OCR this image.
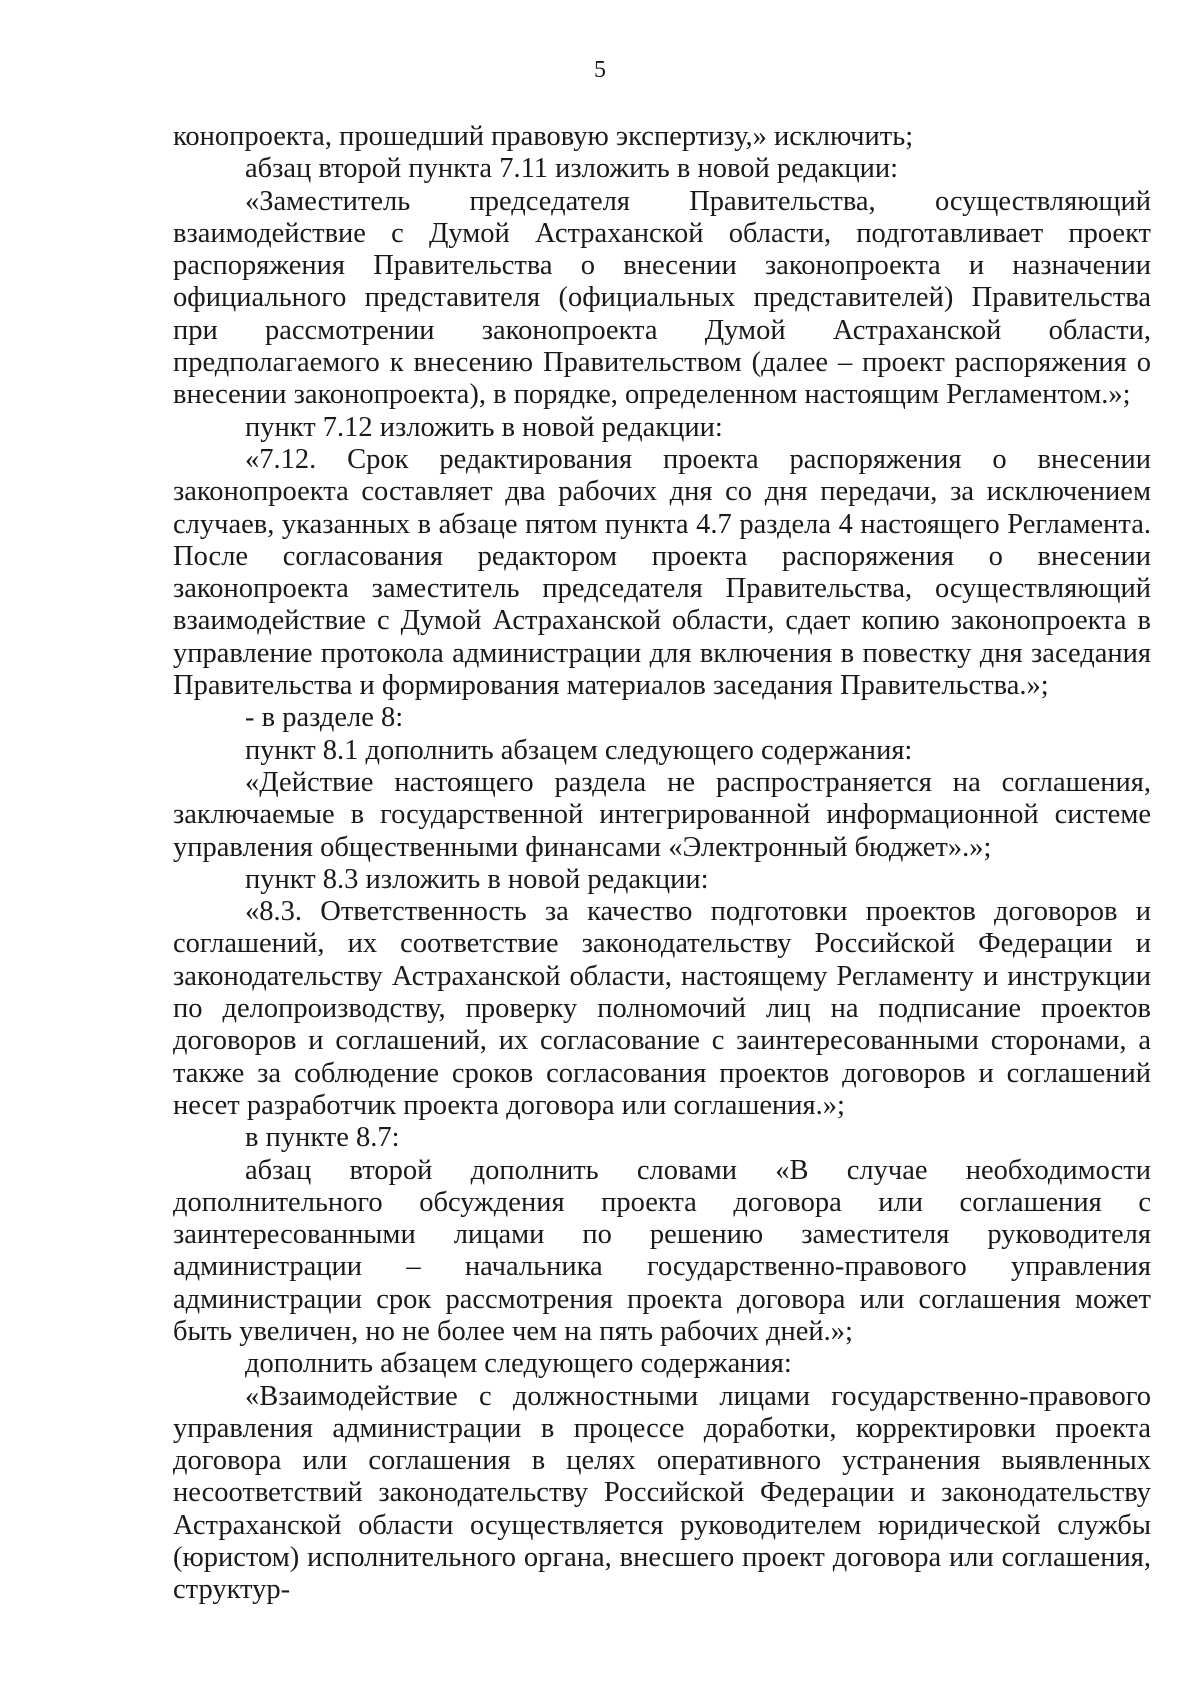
5

конопроекта, прошедший правовую экспертизу,» исключить;

абзац второй пункта 7.11 изложить в новой редакции:

«Заместитель председателя Правительства, осуществляющий взаимодействие с Думой Астраханской области, подготавливает проект распоряжения Правительства о внесении законопроекта и назначении официального представителя (официальных представителей) Правительства при рассмотрении законопроекта Думой Астраханской области, предполагаемого к внесению Правительством (далее – проект распоряжения о внесении законопроекта), в порядке, определенном настоящим Регламентом.»;

пункт 7.12 изложить в новой редакции:

«7.12. Срок редактирования проекта распоряжения о внесении законопроекта составляет два рабочих дня со дня передачи, за исключением случаев, указанных в абзаце пятом пункта 4.7 раздела 4 настоящего Регламента. После согласования редактором проекта распоряжения о внесении законопроекта заместитель председателя Правительства, осуществляющий взаимодействие с Думой Астраханской области, сдает копию законопроекта в управление протокола администрации для включения в повестку дня заседания Правительства и формирования материалов заседания Правительства.»;

- в разделе 8:

пункт 8.1 дополнить абзацем следующего содержания:

«Действие настоящего раздела не распространяется на соглашения, заключаемые в государственной интегрированной информационной системе управления общественными финансами «Электронный бюджет».»;

пункт 8.3 изложить в новой редакции:

«8.3. Ответственность за качество подготовки проектов договоров и соглашений, их соответствие законодательству Российской Федерации и законодательству Астраханской области, настоящему Регламенту и инструкции по делопроизводству, проверку полномочий лиц на подписание проектов договоров и соглашений, их согласование с заинтересованными сторонами, а также за соблюдение сроков согласования проектов договоров и соглашений несет разработчик проекта договора или соглашения.»;

в пункте 8.7:

абзац второй дополнить словами «В случае необходимости дополнительного обсуждения проекта договора или соглашения с заинтересованными лицами по решению заместителя руководителя администрации – начальника государственно-правового управления администрации срок рассмотрения проекта договора или соглашения может быть увеличен, но не более чем на пять рабочих дней.»;

дополнить абзацем следующего содержания:

«Взаимодействие с должностными лицами государственно-правового управления администрации в процессе доработки, корректировки проекта договора или соглашения в целях оперативного устранения выявленных несоответствий законодательству Российской Федерации и законодательству Астраханской области осуществляется руководителем юридической службы (юристом) исполнительного органа, внесшего проект договора или соглашения, структур-
